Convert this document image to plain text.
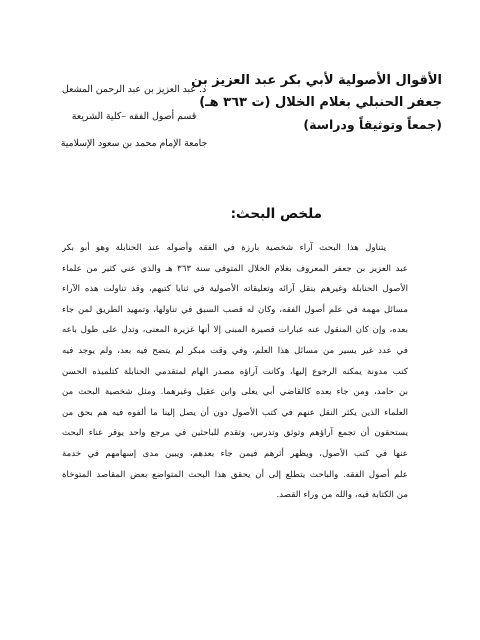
الأقوال الأصولية لأبي بكر عبد العزيز بن
جعفر الحنبلي بغلام الخلال (ت ٣٦٣ هـ)
(جمعاً وتوثيقاً ودراسة)
د. عبد العزيز بن عبد الرحمن المشعل
قسم أصول الفقه –كلية الشريعة
جامعة الإمام محمد بن سعود الإسلامية
ملخص البحث:
يتناول هذا البحث آراء شخصية بارزة في الفقه وأصوله عند الحنابلة وهو أبو بكر
عبد العزيز بن جعفر المعروف بغلام الخلال المتوفى سنة ٣٦٣ هـ والذي عني كثير من علماء
الأصول الحنابلة وغيرهم بنقل آرائه وتعليقاته الأصولية في ثنايا كتبهم، وقد تناولت هذه الآراء
مسائل مهمة في علم أصول الفقه، وكان له قصب السبق في تناولها، وتمهيد الطريق لمن جاء
بعده، وإن كان المنقول عنه عبارات قصيرة المبنى إلا أنها غزيرة المعنى، وتدل على طول باعه
في عدد غير يسير من مسائل هذا العلم، وفي وقت مبكر لم يتضح فيه بعد، ولم يوجد فيه
كتب مدونة يمكنه الرجوع إليها، وكانت آراؤه مصدر الهام لمتقدمي الحنابلة كتلميذه الحسن
بن حامد، ومن جاء بعده كالقاضي أبي يعلى وابن عقيل وغيرهما. ومثل شخصية البحث من
العلماء الذين يكثر النقل عنهم في كتب الأصول دون أن يصل إلينا ما ألفوه فيه هم بحق من
يستحقون أن تجمع آراؤهم وتوثق وتدرس، وتقدم للباحثين في مرجع واحد يوفر عناء البحث
عنها في كتب الأصول، ويظهر أثرهم فيمن جاء بعدهم، ويبين مدى إسهامهم في خدمة
علم أصول الفقه. والباحث يتطلع إلى أن يحقق هذا البحث المتواضع بعض المقاصد المتوخاة
من الكتابة فيه، والله من وراء القصد.
